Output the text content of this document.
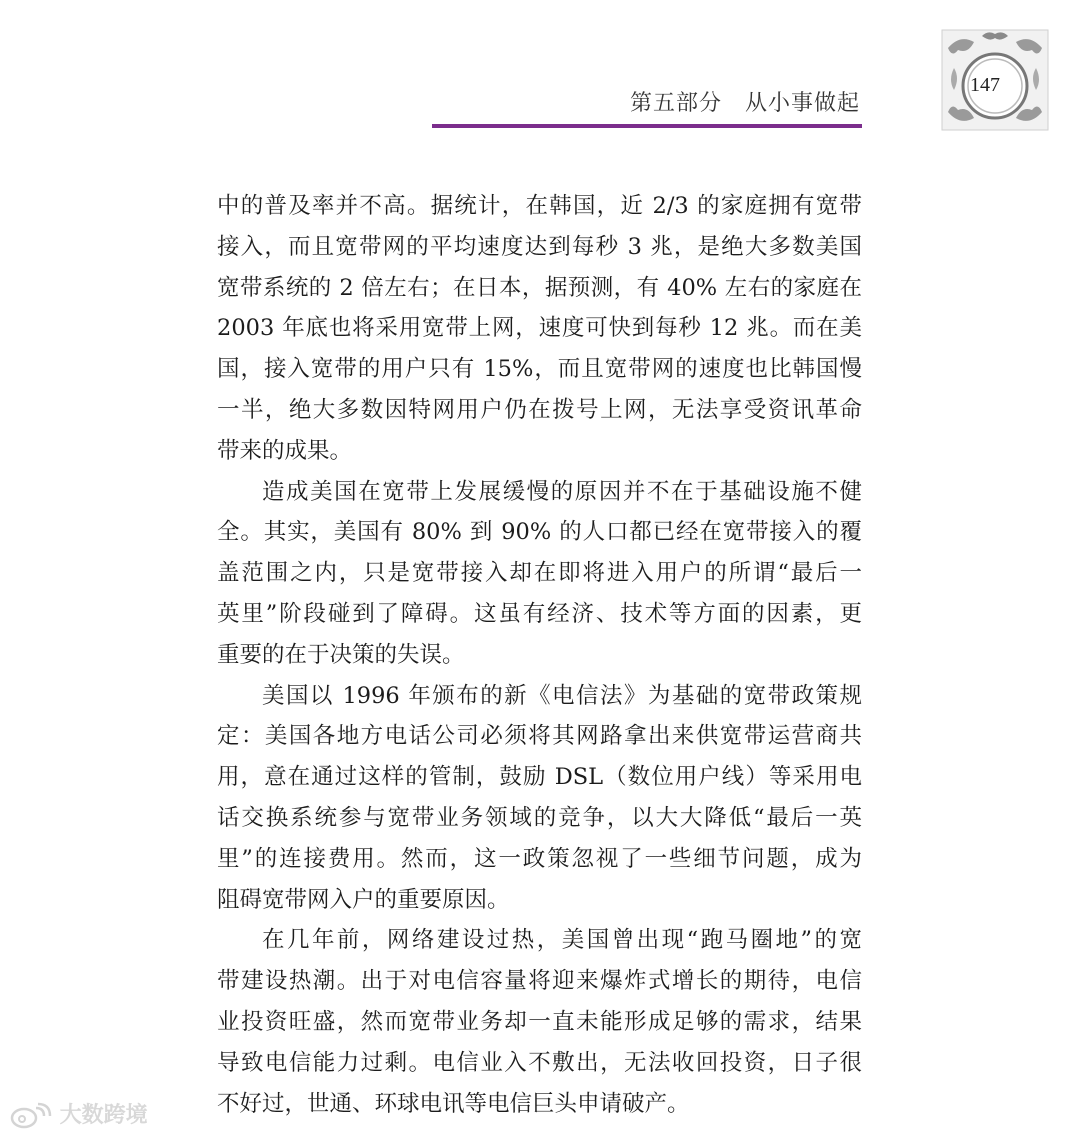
第五部分　从小事做起
147
中的普及率并不高。据统计，在韩国，近 2/3 的家庭拥有宽带
接入，而且宽带网的平均速度达到每秒 3 兆，是绝大多数美国
宽带系统的 2 倍左右；在日本，据预测，有 40% 左右的家庭在
2003 年底也将采用宽带上网，速度可快到每秒 12 兆。而在美
国，接入宽带的用户只有 15%，而且宽带网的速度也比韩国慢
一半，绝大多数因特网用户仍在拨号上网，无法享受资讯革命
带来的成果。
造成美国在宽带上发展缓慢的原因并不在于基础设施不健
全。其实，美国有 80% 到 90% 的人口都已经在宽带接入的覆
盖范围之内，只是宽带接入却在即将进入用户的所谓“最后一
英里”阶段碰到了障碍。这虽有经济、技术等方面的因素，更
重要的在于决策的失误。
美国以 1996 年颁布的新《电信法》为基础的宽带政策规
定：美国各地方电话公司必须将其网路拿出来供宽带运营商共
用，意在通过这样的管制，鼓励 DSL（数位用户线）等采用电
话交换系统参与宽带业务领域的竞争，以大大降低“最后一英
里”的连接费用。然而，这一政策忽视了一些细节问题，成为
阻碍宽带网入户的重要原因。
在几年前，网络建设过热，美国曾出现“跑马圈地”的宽
带建设热潮。出于对电信容量将迎来爆炸式增长的期待，电信
业投资旺盛，然而宽带业务却一直未能形成足够的需求，结果
导致电信能力过剩。电信业入不敷出，无法收回投资，日子很
不好过，世通、环球电讯等电信巨头申请破产。
大数跨境
